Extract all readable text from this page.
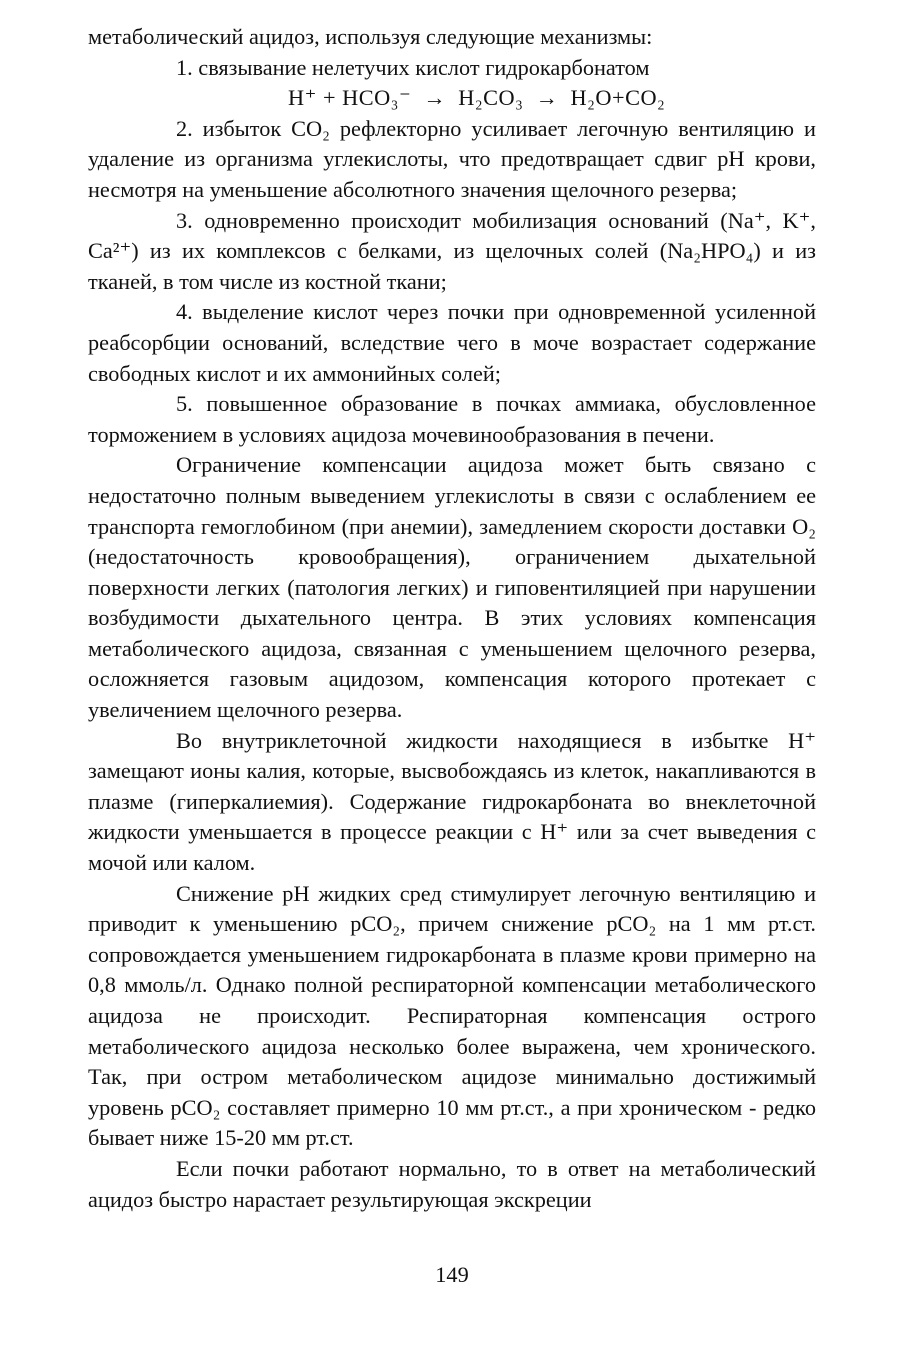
метаболический ацидоз, используя следующие механизмы:

1. связывание нелетучих кислот гидрокарбонатом

H⁺ + HCO₃⁻  →  H₂CO₃  →  H₂O+CO₂

2. избыток CO₂ рефлекторно усиливает легочную вентиляцию и удаление из организма углекислоты, что предотвращает сдвиг pH крови, несмотря на уменьшение абсолютного значения щелочного резерва;

3. одновременно происходит мобилизация оснований (Na⁺, K⁺, Ca²⁺) из их комплексов с белками, из щелочных солей (Na₂HPO₄) и из тканей, в том числе из костной ткани;

4. выделение кислот через почки при одновременной усиленной реабсорбции оснований, вследствие чего в моче возрастает содержание свободных кислот и их аммонийных солей;

5. повышенное образование в почках аммиака, обусловленное торможением в условиях ацидоза мочевинообразования в печени.

Ограничение компенсации ацидоза может быть связано с недостаточно полным выведением углекислоты в связи с ослаблением ее транспорта гемоглобином (при анемии), замедлением скорости доставки O₂ (недостаточность кровообращения), ограничением дыхательной поверхности легких (патология легких) и гиповентиляцией при нарушении возбудимости дыхательного центра. В этих условиях компенсация метаболического ацидоза, связанная с уменьшением щелочного резерва, осложняется газовым ацидозом, компенсация которого протекает с увеличением щелочного резерва.

Во внутриклеточной жидкости находящиеся в избытке H⁺ замещают ионы калия, которые, высвобождаясь из клеток, накапливаются в плазме (гиперкалиемия). Содержание гидрокарбоната во внеклеточной жидкости уменьшается в процессе реакции с H⁺ или за счет выведения с мочой или калом.

Снижение pH жидких сред стимулирует легочную вентиляцию и приводит к уменьшению pCO₂, причем снижение pCO₂ на 1 мм рт.ст. сопровождается уменьшением гидрокарбоната в плазме крови примерно на 0,8 ммоль/л. Однако полной респираторной компенсации метаболического ацидоза не происходит. Респираторная компенсация острого метаболического ацидоза несколько более выражена, чем хронического. Так, при остром метаболическом ацидозе минимально достижимый уровень pCO₂ составляет примерно 10 мм рт.ст., а при хроническом - редко бывает ниже 15-20 мм рт.ст.

Если почки работают нормально, то в ответ на метаболический ацидоз быстро нарастает результирующая экскреции

149
